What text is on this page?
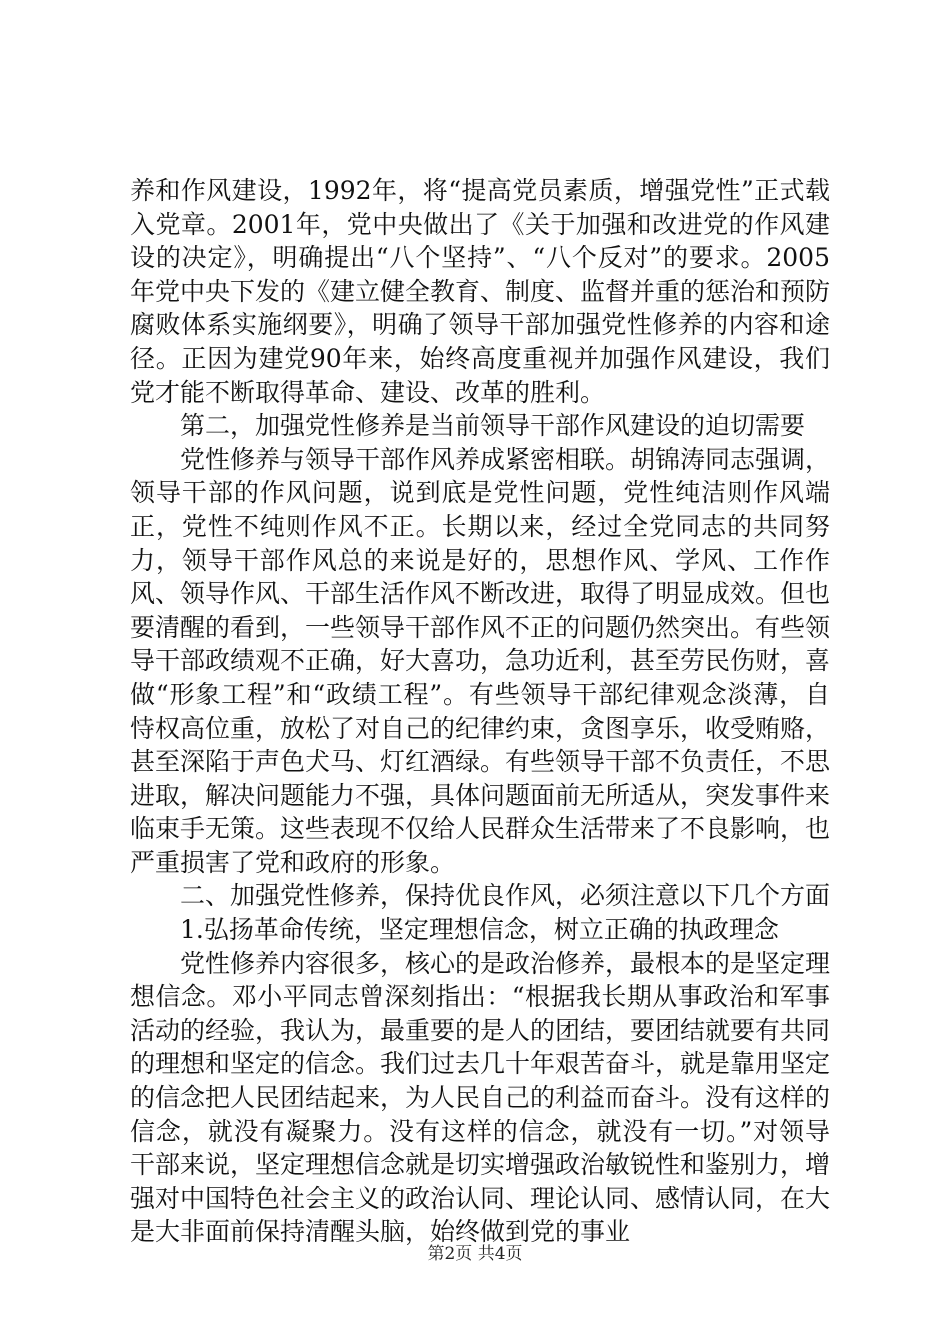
养和作风建设，1992年，将“提高党员素质，增强党性”正式载入党章。2001年，党中央做出了《关于加强和改进党的作风建设的决定》，明确提出“八个坚持”、“八个反对”的要求。2005年党中央下发的《建立健全教育、制度、监督并重的惩治和预防腐败体系实施纲要》，明确了领导干部加强党性修养的内容和途径。正因为建党90年来，始终高度重视并加强作风建设，我们党才能不断取得革命、建设、改革的胜利。

第二，加强党性修养是当前领导干部作风建设的迫切需要

党性修养与领导干部作风养成紧密相联。胡锦涛同志强调，领导干部的作风问题，说到底是党性问题，党性纯洁则作风端正，党性不纯则作风不正。长期以来，经过全党同志的共同努力，领导干部作风总的来说是好的，思想作风、学风、工作作风、领导作风、干部生活作风不断改进，取得了明显成效。但也要清醒的看到，一些领导干部作风不正的问题仍然突出。有些领导干部政绩观不正确，好大喜功，急功近利，甚至劳民伤财，喜做“形象工程”和“政绩工程”。有些领导干部纪律观念淡薄，自恃权高位重，放松了对自己的纪律约束，贪图享乐，收受贿赂，甚至深陷于声色犬马、灯红酒绿。有些领导干部不负责任，不思进取，解决问题能力不强，具体问题面前无所适从，突发事件来临束手无策。这些表现不仅给人民群众生活带来了不良影响，也严重损害了党和政府的形象。

二、加强党性修养，保持优良作风，必须注意以下几个方面

1.弘扬革命传统，坚定理想信念，树立正确的执政理念

党性修养内容很多，核心的是政治修养，最根本的是坚定理想信念。邓小平同志曾深刻指出：“根据我长期从事政治和军事活动的经验，我认为，最重要的是人的团结，要团结就要有共同的理想和坚定的信念。我们过去几十年艰苦奋斗，就是靠用坚定的信念把人民团结起来，为人民自己的利益而奋斗。没有这样的信念，就没有凝聚力。没有这样的信念，就没有一切。”对领导干部来说，坚定理想信念就是切实增强政治敏锐性和鉴别力，增强对中国特色社会主义的政治认同、理论认同、感情认同，在大是大非面前保持清醒头脑，始终做到党的事业

第2页 共4页
